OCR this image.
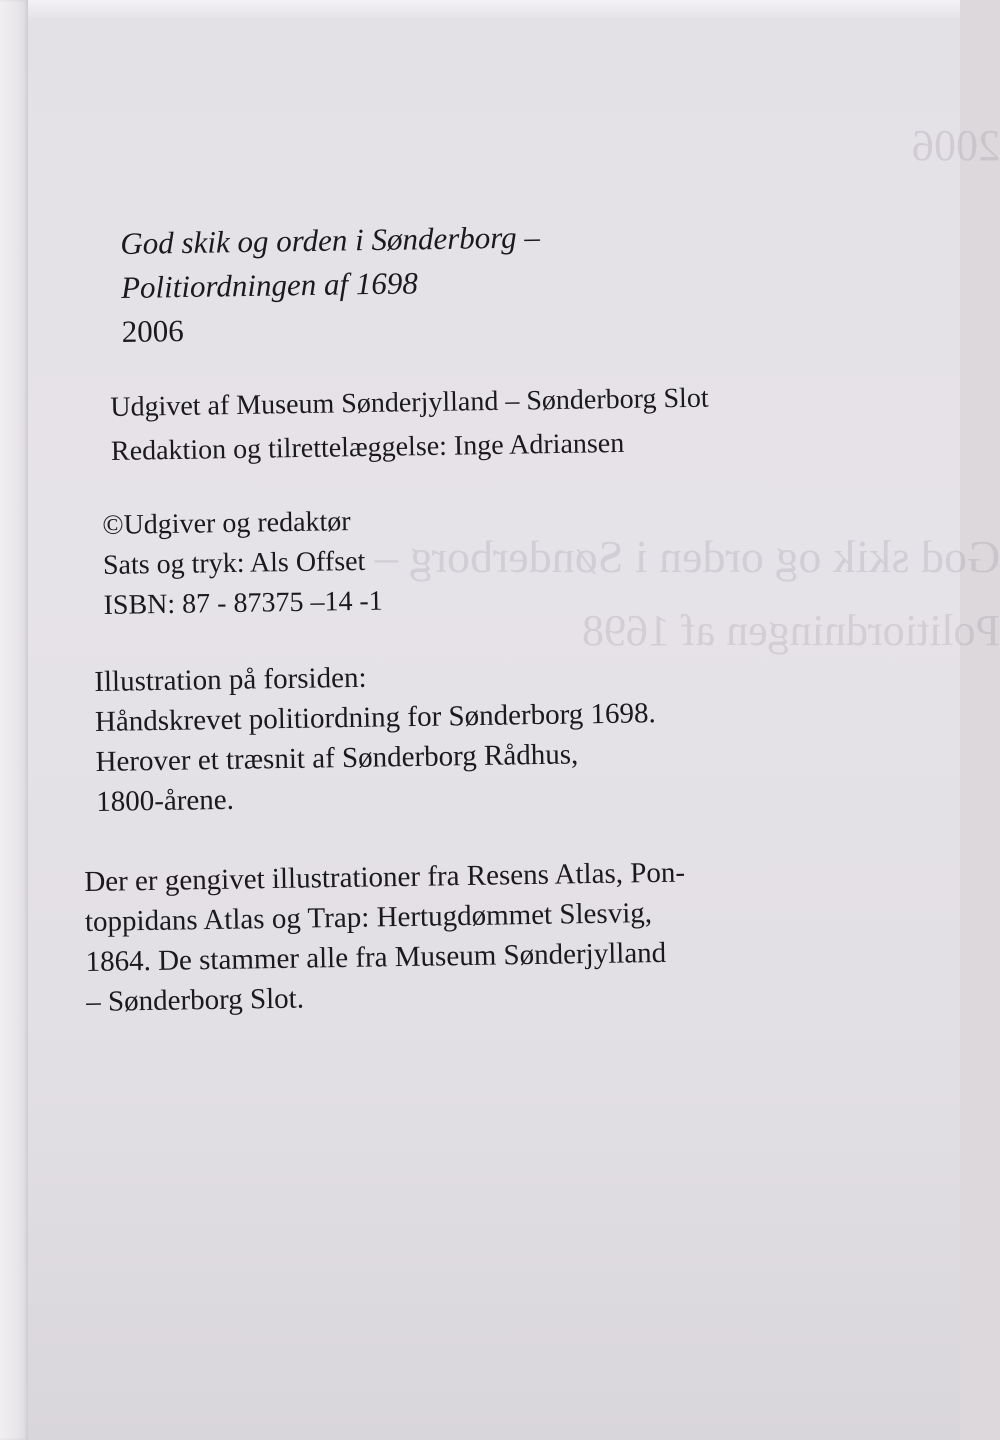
2006
God skik og orden i Sønderborg –
Politiordningen af 1698
God skik og orden i Sønderborg –
Politiordningen af 1698
2006
Udgivet af Museum Sønderjylland – Sønderborg Slot
Redaktion og tilrettelæggelse: Inge Adriansen
©Udgiver og redaktør
Sats og tryk: Als Offset
ISBN: 87 - 87375 –14 -1
Illustration på forsiden:
Håndskrevet politiordning for Sønderborg 1698.
Herover et træsnit af Sønderborg Rådhus,
1800-årene.
Der er gengivet illustrationer fra Resens Atlas, Pon-
toppidans Atlas og Trap: Hertugdømmet Slesvig,
1864. De stammer alle fra Museum Sønderjylland
– Sønderborg Slot.
